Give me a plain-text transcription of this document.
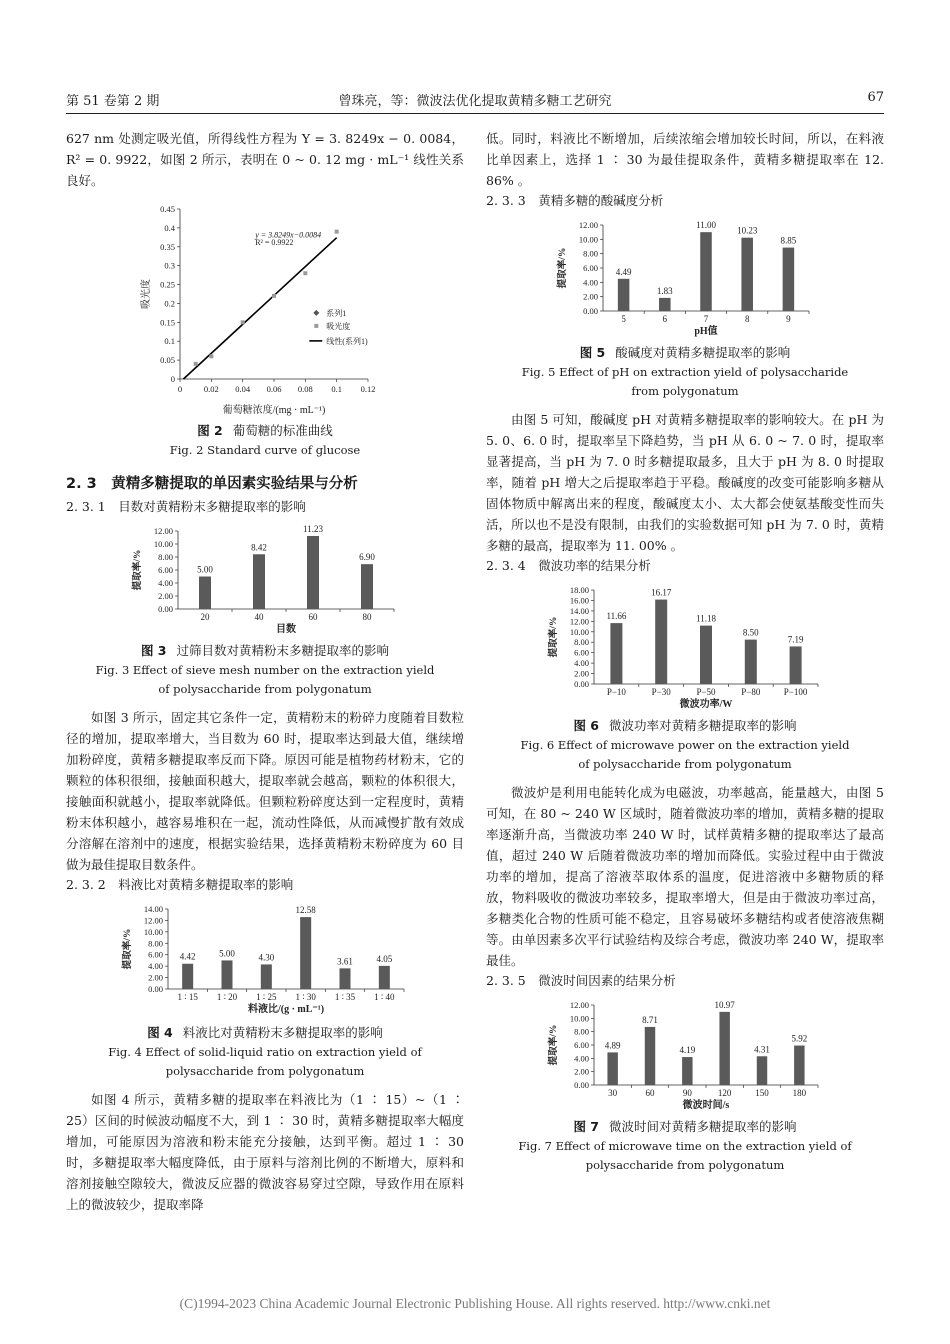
第 51 卷第 2 期	曾珠亮，等：微波法优化提取黄精多糖工艺研究	67

627 nm 处测定吸光值，所得线性方程为 Y = 3. 8249x − 0. 0084，R² = 0. 9922，如图 2 所示，表明在 0 ~ 0. 12 mg · mL⁻¹ 线性关系良好。

0
0.05
0.1
0.15
0.2
0.25
0.3
0.35
0.4
0.45
0	0.02 0.04 0.06 0.08 0.1 0.12
y = 3.8249x−0.0084
R² = 0.9922
系列1
吸光度
线性(系列1)
葡萄糖浓度/(mg · mL⁻¹)
吸光度
图 2 葡萄糖的标准曲线
Fig. 2 Standard curve of glucose
2. 3　黄精多糖提取的单因素实验结果与分析
2. 3. 1　目数对黄精粉末多糖提取率的影响
0.00
2.00
4.00
6.00
8.00
10.00
12.00
5.00
20
8.42
40
11.23
60
6.90
80
目数
提取率/%
图 3 过筛目数对黄精粉末多糖提取率的影响
Fig. 3 Effect of sieve mesh number on the extraction yield
of polysaccharide from polygonatum

如图 3 所示，固定其它条件一定，黄精粉末的粉碎力度随着目数粒径的增加，提取率增大，当目数为 60 时，提取率达到最大值，继续增加粉碎度，黄精多糖提取率反而下降。原因可能是植物药材粉末，它的颗粒的体积很细，接触面积越大，提取率就会越高，颗粒的体积很大，接触面积就越小，提取率就降低。但颗粒粉碎度达到一定程度时，黄精粉末体积越小，越容易堆积在一起，流动性降低，从而减慢扩散有效成分溶解在溶剂中的速度，根据实验结果，选择黄精粉末粉碎度为 60 目做为最佳提取目数条件。

2. 3. 2　料液比对黄精多糖提取率的影响
0.00
2.00
4.00
6.00
8.00
10.00
12.00
14.00
4.42
1 ∶ 15
5.00
1 ∶ 20
4.30
1 ∶ 25
12.58
1 ∶ 30
3.61
1 ∶ 35
4.05
1 ∶ 40
料液比/(g · mL⁻¹)
提取率/%
图 4 料液比对黄精粉末多糖提取率的影响
Fig. 4 Effect of solid-liquid ratio on extraction yield of
polysaccharide from polygonatum

如图 4 所示，黄精多糖的提取率在料液比为（1 ∶ 15）~（1 ∶ 25）区间的时候波动幅度不大，到 1 ∶ 30 时，黄精多糖提取率大幅度增加，可能原因为溶液和粉末能充分接触，达到平衡。超过 1 ∶ 30 时，多糖提取率大幅度降低，由于原料与溶剂比例的不断增大，原料和溶剂接触空隙较大，微波反应器的微波容易穿过空隙，导致作用在原料上的微波较少，提取率降

低。同时，料液比不断增加，后续浓缩会增加较长时间，所以，在料液比单因素上，选择 1 ∶ 30 为最佳提取条件，黄精多糖提取率在 12. 86% 。

2. 3. 3　黄精多糖的酸碱度分析
0.00
2.00
4.00
6.00
8.00
10.00
12.00
4.49
5
1.83
6
11.00
7
10.23
8
8.85
9
pH值
提取率/%
图 5 酸碱度对黄精多糖提取率的影响
Fig. 5 Effect of pH on extraction yield of polysaccharide
from polygonatum

由图 5 可知，酸碱度 pH 对黄精多糖提取率的影响较大。在 pH 为 5. 0、6. 0 时，提取率呈下降趋势，当 pH 从 6. 0 ~ 7. 0 时，提取率显著提高，当 pH 为 7. 0 时多糖提取最多，且大于 pH 为 8. 0 时提取率，随着 pH 增大之后提取率趋于平稳。酸碱度的改变可能影响多糖从固体物质中解离出来的程度，酸碱度太小、太大都会使氨基酸变性而失活，所以也不是没有限制，由我们的实验数据可知 pH 为 7. 0 时，黄精多糖的最高，提取率为 11. 00% 。

2. 3. 4　微波功率的结果分析
0.00
2.00
4.00
6.00
8.00
10.00
12.00
14.00
16.00
18.00
11.66
P−10
16.17
P−30
11.18
P−50
8.50
P−80
7.19
P−100
微波功率/W
提取率/%
图 6 微波功率对黄精多糖提取率的影响
Fig. 6 Effect of microwave power on the extraction yield
of polysaccharide from polygonatum

微波炉是利用电能转化成为电磁波，功率越高，能量越大，由图 5 可知，在 80 ~ 240 W 区域时，随着微波功率的增加，黄精多糖的提取率逐渐升高，当微波功率 240 W 时，试样黄精多糖的提取率达了最高值，超过 240 W 后随着微波功率的增加而降低。实验过程中由于微波功率的增加，提高了溶液萃取体系的温度，促进溶液中多糖物质的释放，物料吸收的微波功率较多，提取率增大，但是由于微波功率过高，多糖类化合物的性质可能不稳定，且容易破坏多糖结构或者使溶液焦糊等。由单因素多次平行试验结构及综合考虑，微波功率 240 W，提取率最佳。

2. 3. 5　微波时间因素的结果分析
0.00
2.00
4.00
6.00
8.00
10.00
12.00
4.89
30
8.71
60
4.19
90
10.97
120
4.31
150
5.92
180
微波时间/s
提取率/%
图 7 微波时间对黄精多糖提取率的影响
Fig. 7 Effect of microwave time on the extraction yield of
polysaccharide from polygonatum
(C)1994-2023 China Academic Journal Electronic Publishing House. All rights reserved. http://www.cnki.net
